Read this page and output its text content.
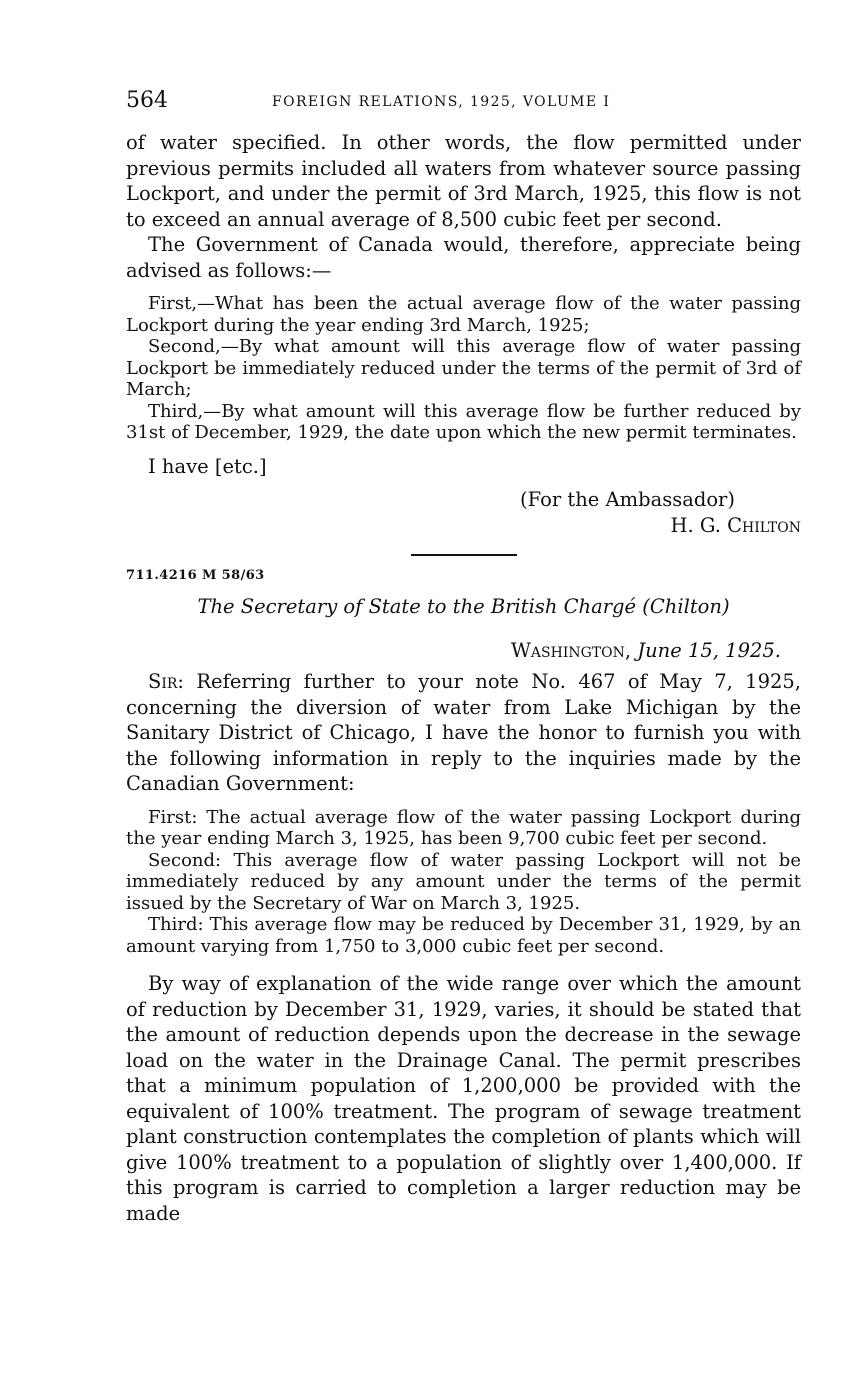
564	FOREIGN RELATIONS, 1925, VOLUME I

of water specified. In other words, the flow permitted under previous permits included all waters from whatever source passing Lockport, and under the permit of 3rd March, 1925, this flow is not to exceed an annual average of 8,500 cubic feet per second.

The Government of Canada would, therefore, appreciate being advised as follows:—

First,—What has been the actual average flow of the water passing Lockport during the year ending 3rd March, 1925;

Second,—By what amount will this average flow of water passing Lockport be immediately reduced under the terms of the permit of 3rd of March;

Third,—By what amount will this average flow be further reduced by 31st of December, 1929, the date upon which the new permit terminates.

I have [etc.]

(For the Ambassador)
H. G. Chilton
711.4216 M 58/63
The Secretary of State to the British Chargé (Chilton)
Washington, June 15, 1925.

Sir: Referring further to your note No. 467 of May 7, 1925, concerning the diversion of water from Lake Michigan by the Sanitary District of Chicago, I have the honor to furnish you with the following information in reply to the inquiries made by the Canadian Government:

First: The actual average flow of the water passing Lockport during the year ending March 3, 1925, has been 9,700 cubic feet per second.

Second: This average flow of water passing Lockport will not be immediately reduced by any amount under the terms of the permit issued by the Secretary of War on March 3, 1925.

Third: This average flow may be reduced by December 31, 1929, by an amount varying from 1,750 to 3,000 cubic feet per second.

By way of explanation of the wide range over which the amount of reduction by December 31, 1929, varies, it should be stated that the amount of reduction depends upon the decrease in the sewage load on the water in the Drainage Canal. The permit prescribes that a minimum population of 1,200,000 be provided with the equivalent of 100% treatment. The program of sewage treatment plant construction contemplates the completion of plants which will give 100% treatment to a population of slightly over 1,400,000. If this program is carried to completion a larger reduction may be made
